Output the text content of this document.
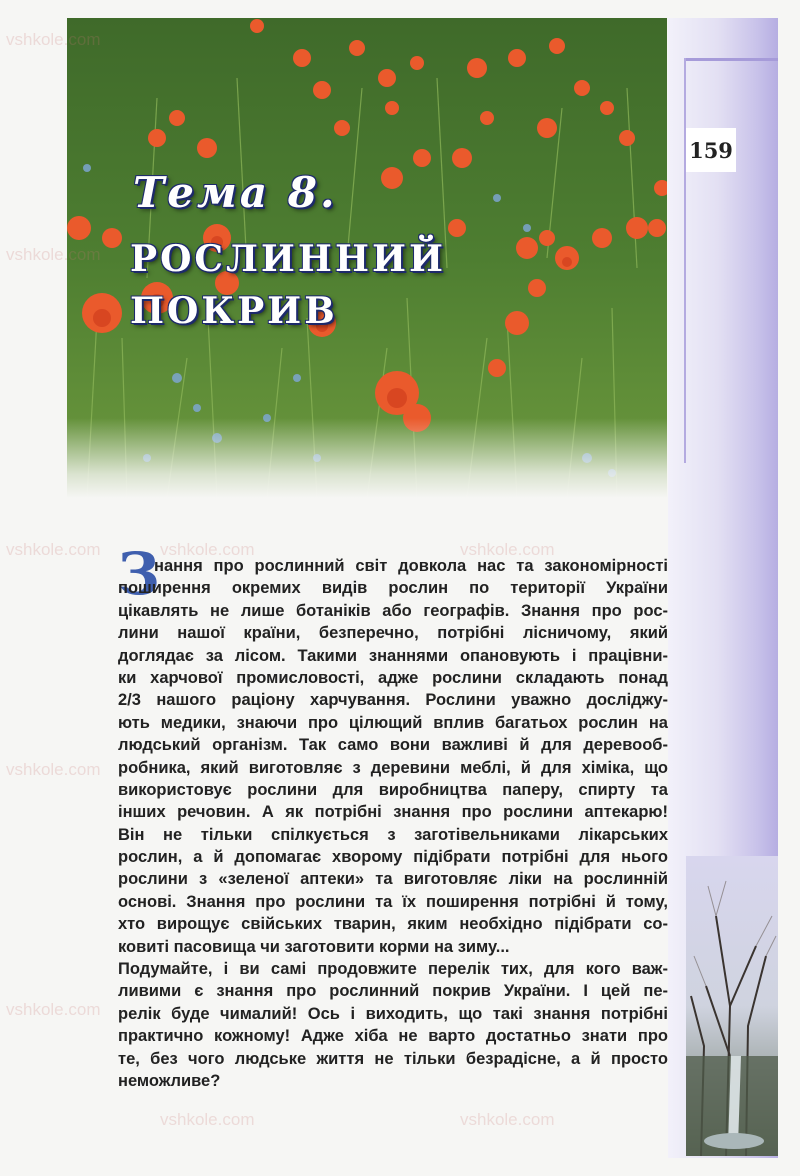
159
Тема 8.
РОСЛИННИЙ
ПОКРИВ
З
нання про рослинний світ довкола нас та закономірності
поширення окремих видів рослин по території України
цікавлять не лише ботаніків або географів. Знання про рос-
лини нашої країни, безперечно, потрібні лісничому, який
доглядає за лісом. Такими знаннями опановують і працівни-
ки харчової промисловості, адже рослини складають понад
2/3 нашого раціону харчування. Рослини уважно досліджу-
ють медики, знаючи про цілющий вплив багатьох рослин на
людський організм. Так само вони важливі й для деревооб-
робника, який виготовляє з деревини меблі, й для хіміка, що
використовує рослини для виробництва паперу, спирту та
інших речовин. А як потрібні знання про рослини аптекарю!
Він не тільки спілкується з заготівельниками лікарських
рослин, а й допомагає хворому підібрати потрібні для нього
рослини з «зеленої аптеки» та виготовляє ліки на рослинній
основі. Знання про рослини та їх поширення потрібні й тому,
хто вирощує свійських тварин, яким необхідно підібрати со-
ковиті пасовища чи заготовити корми на зиму...
Подумайте, і ви самі продовжите перелік тих, для кого важ-
ливими є знання про рослинний покрив України. І цей пе-
релік буде чималий! Ось і виходить, що такі знання потрібні
практично кожному! Адже хіба не варто достатньо знати про
те, без чого людське життя не тільки безрадісне, а й просто
неможливе?
vshkole.com
vshkole.com
vshkole.com	vshkole.com	vshkole.com
vshkole.com
vshkole.com
vshkole.com	vshkole.com
